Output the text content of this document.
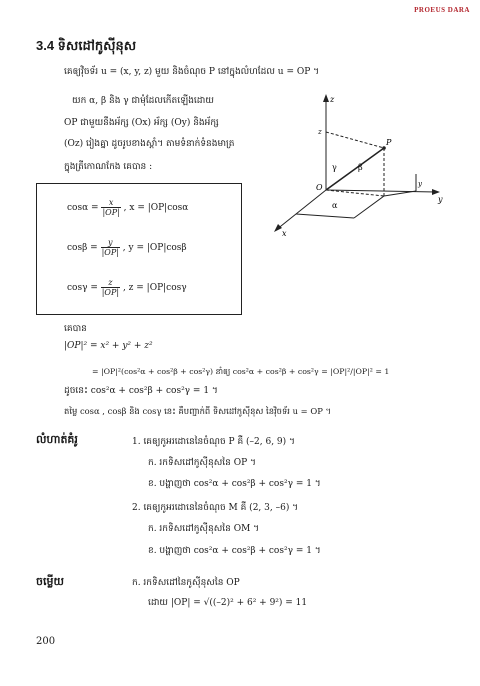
PROEUS DARA
3.4 ទិសដៅកូស៊ីនុស
គេឲ្យវ៉ិចទ័រ u = (x, y, z) មួយ និងចំណុច P នៅក្នុងលំហដែល u = OP ។
យក α, β និង γ ជាមុំដែលកើតឡើងដោយ
OP ជាមួយនឹងអ័ក្ស (Ox) អ័ក្ស (Oy) និងអ័ក្ស
(Oz) រៀងគ្នា ដូចរូបខាងស្ដាំ។ តាមទំនាក់ទំនងមាត្រ
ក្នុងត្រីកោណកែង គេបាន :
z
y
x
O
P
α
β
γ
z
y
$\cos\alpha = \frac{x}{|OP|}$ , x = |OP|cosα
$\cos\beta = \frac{y}{|OP|}$ , y = |OP|cosβ
$\cos\gamma = \frac{z}{|OP|}$ , z = |OP|cosγ
គេបាន
|OP|² = x² + y² + z²
= |OP|²(cos²α + cos²β + cos²γ) នាំឲ្យ cos²α + cos²β + cos²γ = |OP|²/|OP|² = 1
ដូចនេះ cos²α + cos²β + cos²γ = 1 ។
តម្លៃ cosα , cosβ និង cosγ នេះ គឺបញ្ជាក់ពី ទិសដៅកូស៊ីនុស នៃវ៉ិចទ័រ u = OP ។
លំហាត់គំរូ	1. គេឲ្យកូអរដោនេនៃចំណុច P គឺ (–2, 6, 9) ។
ក. រកទិសដៅកូស៊ីនុសនៃ OP ។
ខ. បង្ហាញថា cos²α + cos²β + cos²γ = 1 ។
2. គេឲ្យកូអរដោនេនៃចំណុច M គឺ (2, 3, –6) ។
ក. រកទិសដៅកូស៊ីនុសនៃ OM ។
ខ. បង្ហាញថា cos²α + cos²β + cos²γ = 1 ។
ចម្លើយ	ក. រកទិសដៅនៃកូស៊ីនុសនៃ OP
ដោយ |OP| = √((–2)² + 6² + 9²) = 11
200
